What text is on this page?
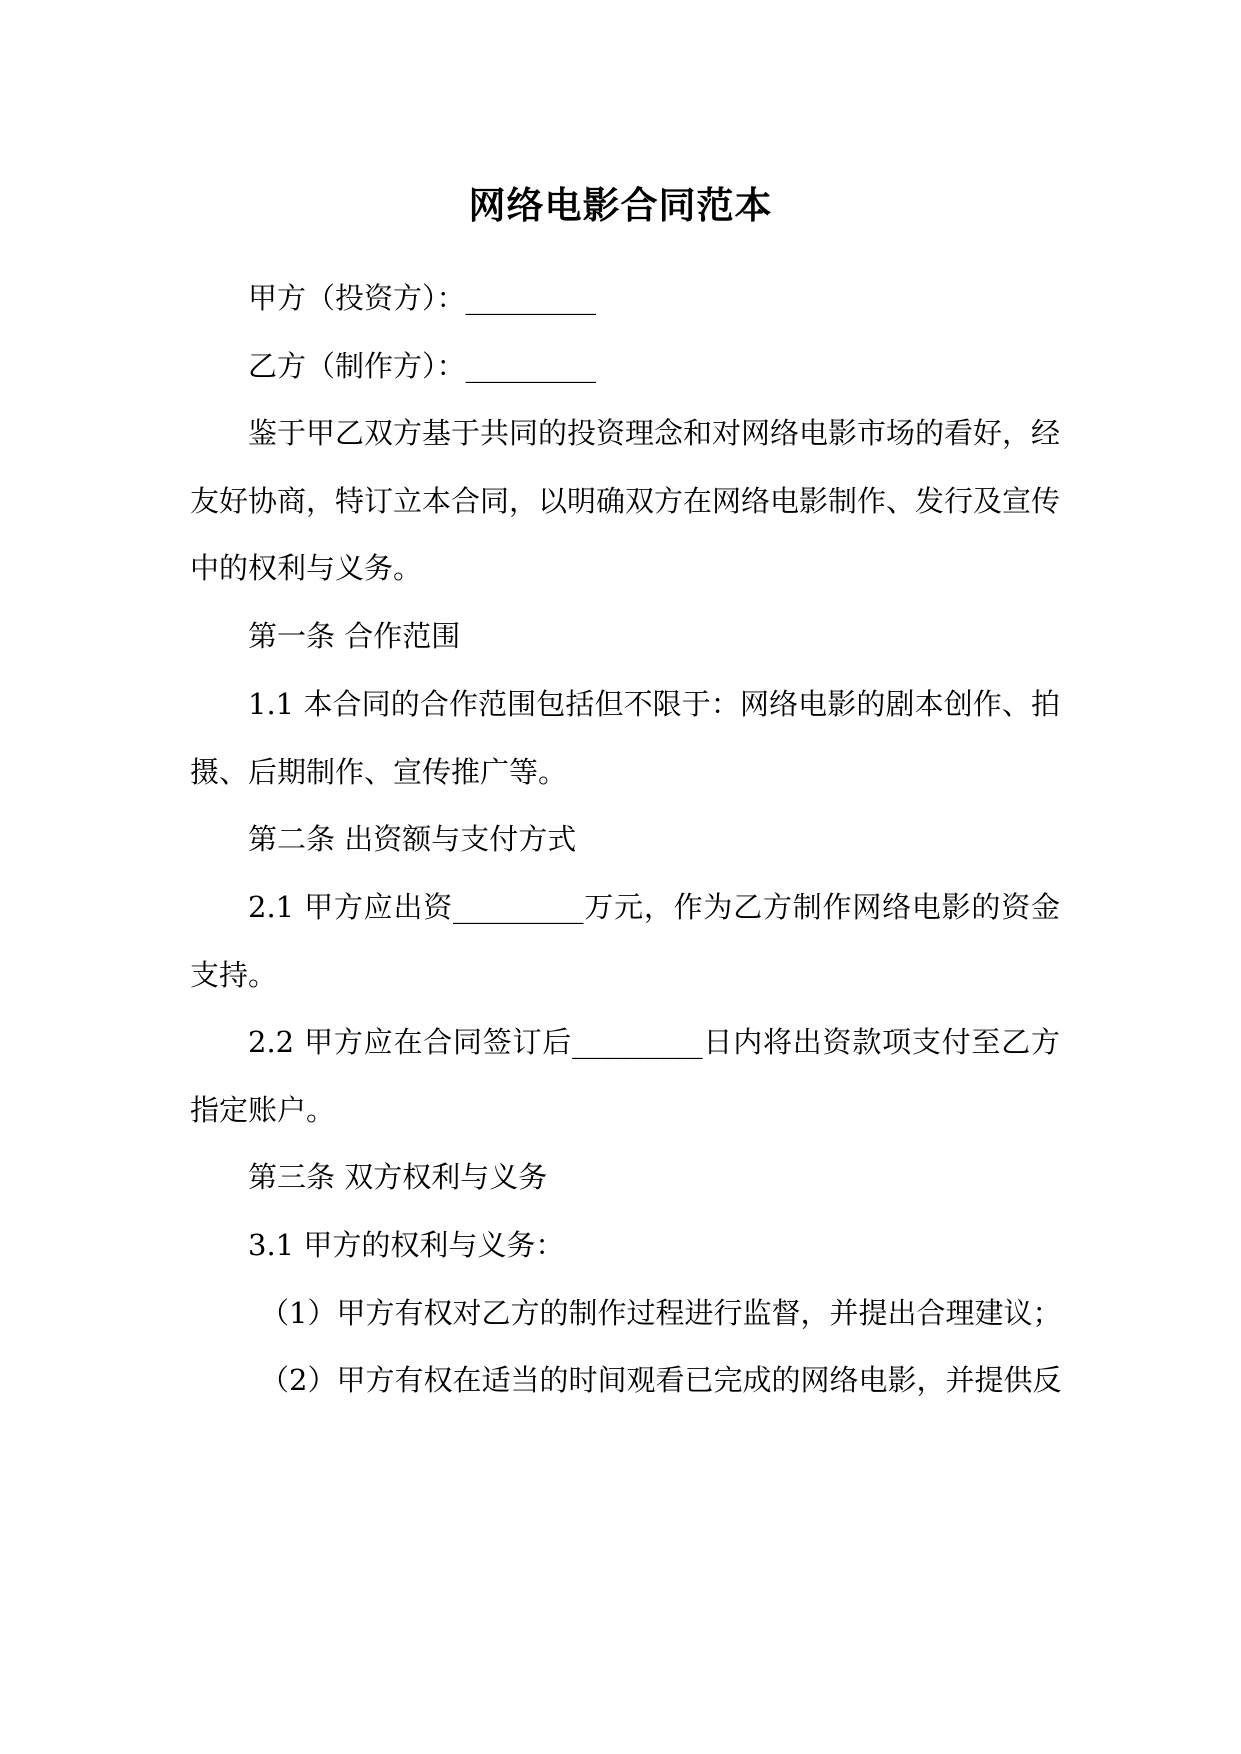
网络电影合同范本
甲方（投资方）：_________
乙方（制作方）：_________
鉴于甲乙双方基于共同的投资理念和对网络电影市场的看好，经
友好协商，特订立本合同，以明确双方在网络电影制作、发行及宣传
中的权利与义务。
第一条 合作范围
1.1 本合同的合作范围包括但不限于：网络电影的剧本创作、拍
摄、后期制作、宣传推广等。
第二条 出资额与支付方式
2.1 甲方应出资_________万元，作为乙方制作网络电影的资金
支持。
2.2 甲方应在合同签订后_________日内将出资款项支付至乙方
指定账户。
第三条 双方权利与义务
3.1 甲方的权利与义务：
（1）甲方有权对乙方的制作过程进行监督，并提出合理建议；
（2）甲方有权在适当的时间观看已完成的网络电影，并提供反
